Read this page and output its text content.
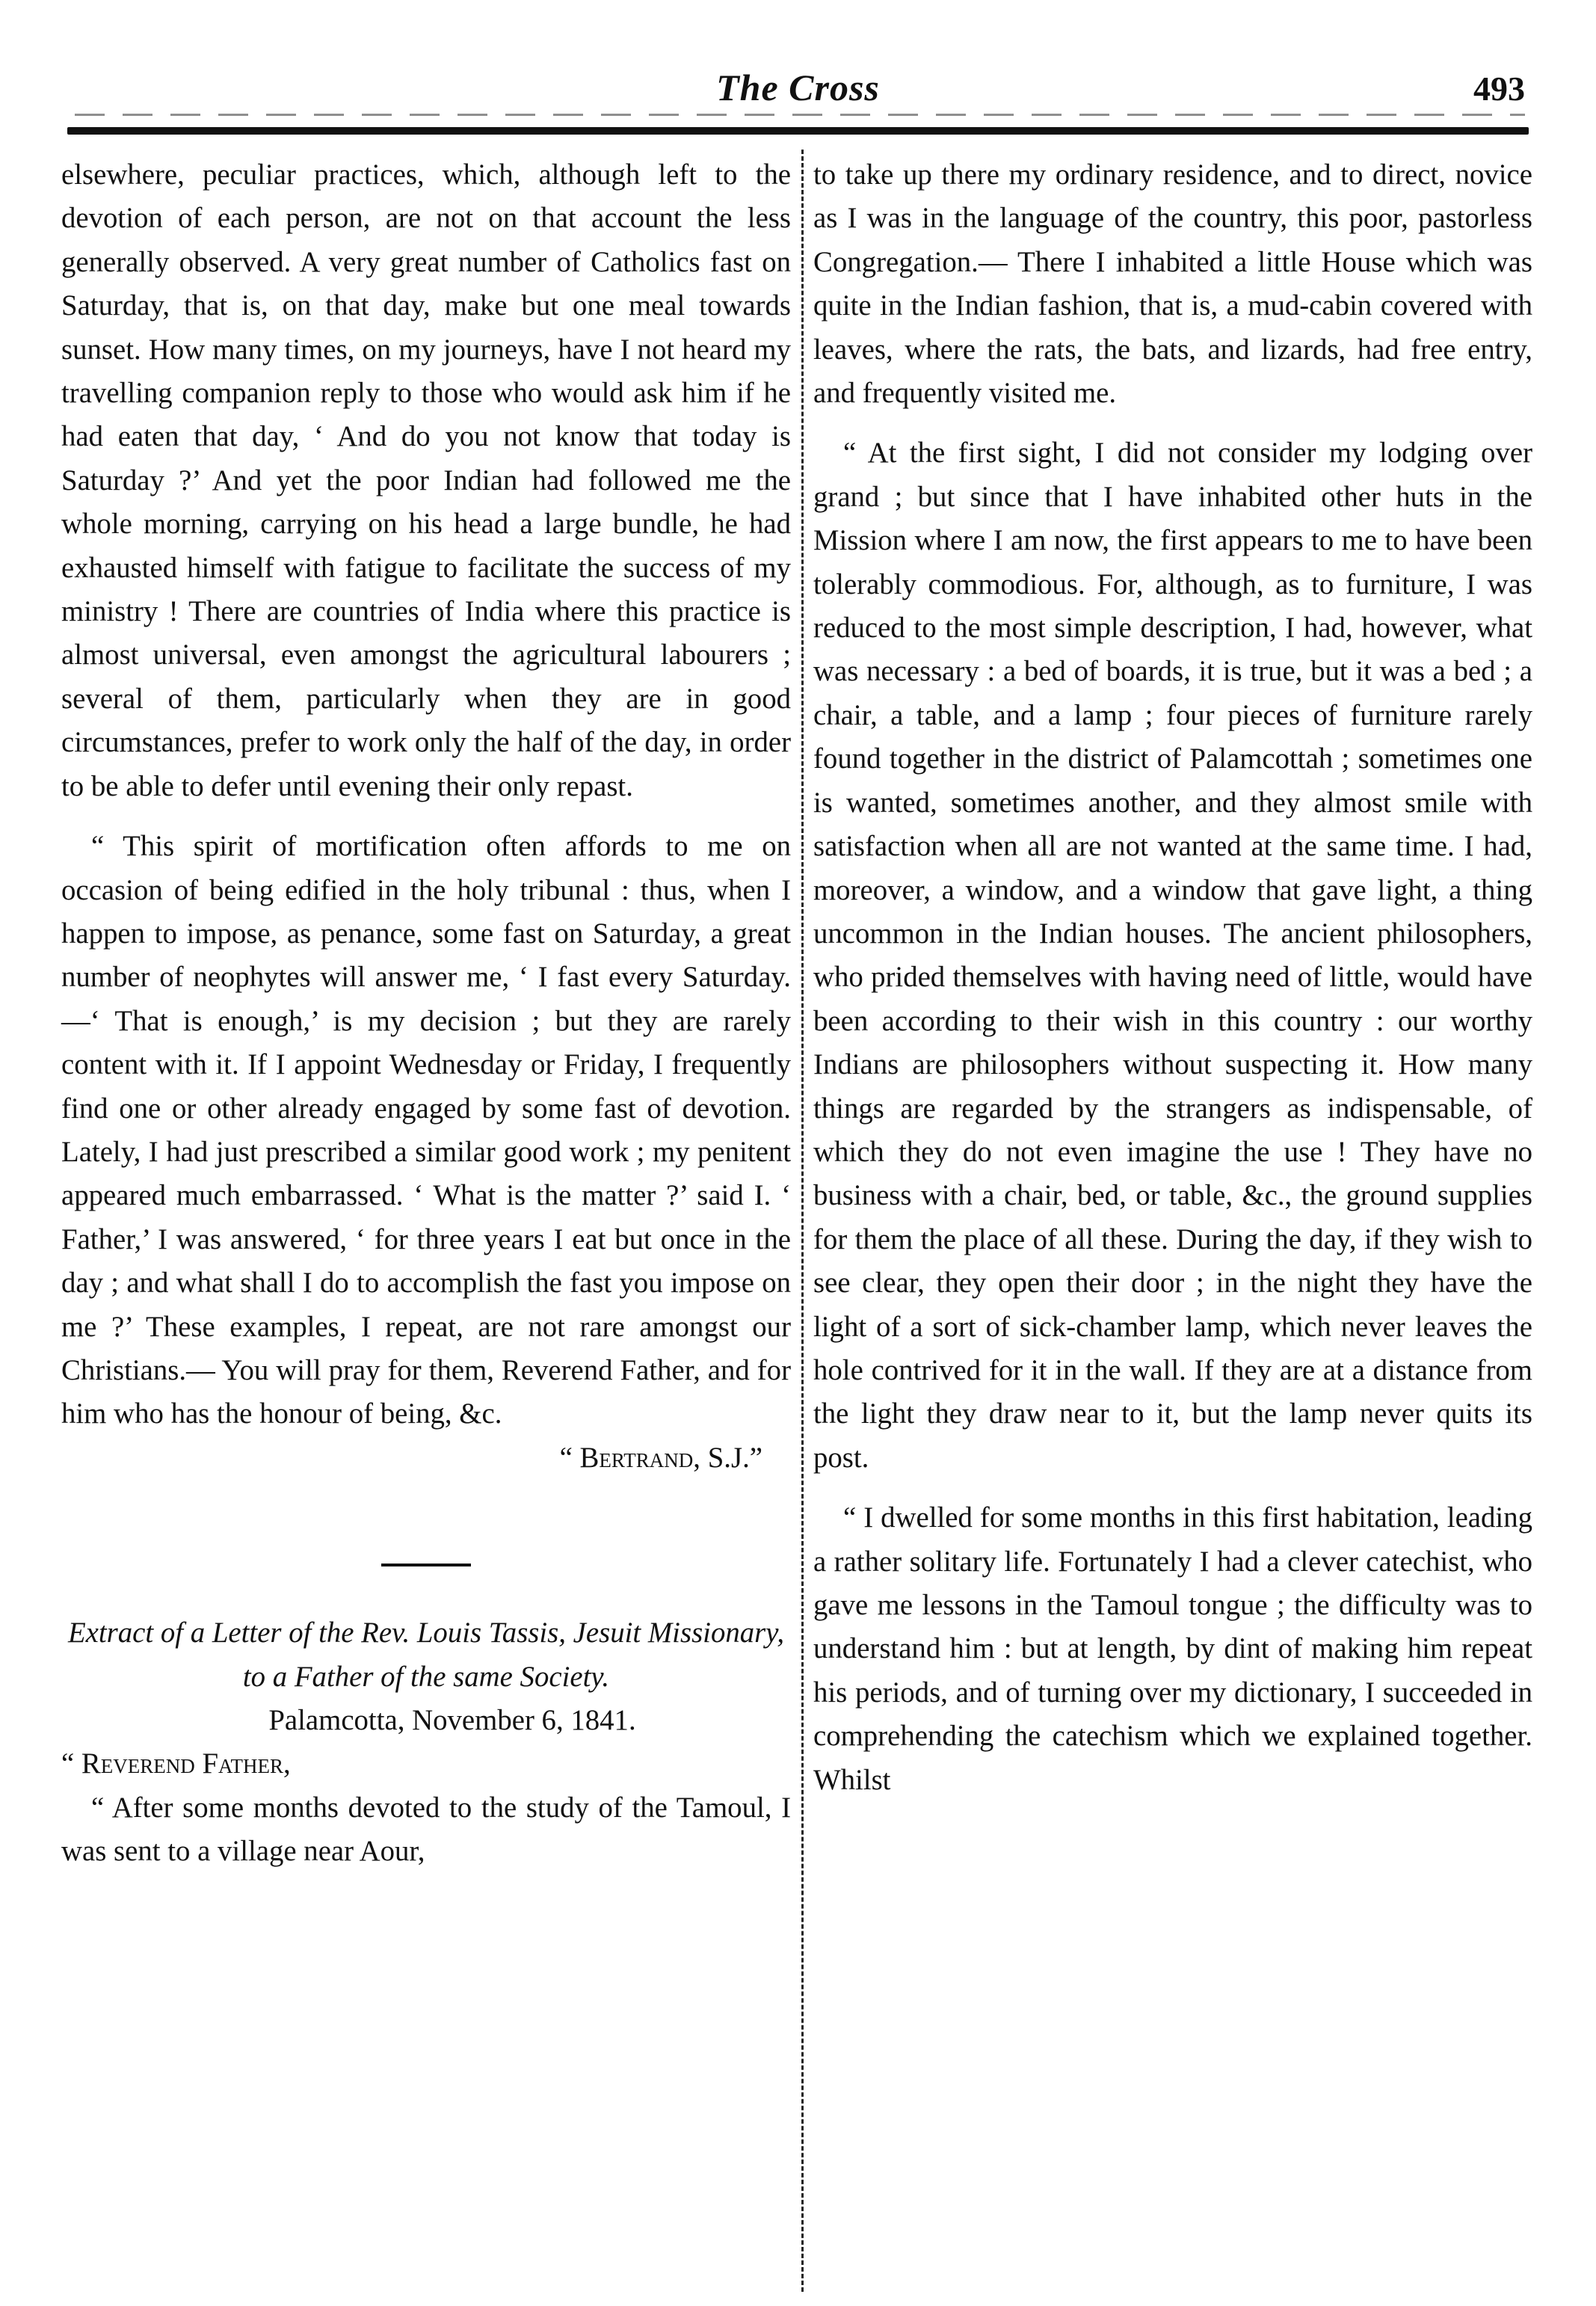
The Cross	493

elsewhere, peculiar practices, which, although left to the devotion of each person, are not on that account the less generally observed. A very great number of Catholics fast on Saturday, that is, on that day, make but one meal towards sunset. How many times, on my journeys, have I not heard my travelling companion reply to those who would ask him if he had eaten that day, ‘ And do you not know that today is Saturday ?’ And yet the poor Indian had followed me the whole morning, carrying on his head a large bundle, he had exhausted himself with fatigue to facilitate the success of my ministry ! There are countries of India where this practice is almost universal, even amongst the agricultural labourers ; several of them, particularly when they are in good circumstances, prefer to work only the half of the day, in order to be able to defer until evening their only repast.

“ This spirit of mortification often affords to me on occasion of being edified in the holy tribunal : thus, when I happen to impose, as penance, some fast on Saturday, a great number of neophytes will answer me, ‘ I fast every Saturday.—‘ That is enough,’ is my decision ; but they are rarely content with it. If I appoint Wednesday or Friday, I frequently find one or other already engaged by some fast of devotion. Lately, I had just prescribed a similar good work ; my penitent appeared much embarrassed. ‘ What is the matter ?’ said I. ‘ Father,’ I was answered, ‘ for three years I eat but once in the day ; and what shall I do to accomplish the fast you impose on me ?’ These examples, I repeat, are not rare amongst our Christians.— You will pray for them, Reverend Father, and for him who has the honour of being, &c.

“ Bertrand, S.J.”

Extract of a Letter of the Rev. Louis Tassis, Jesuit Missionary, to a Father of the same Society.

Palamcotta, November 6, 1841.

“ Reverend Father,

“ After some months devoted to the study of the Tamoul, I was sent to a village near Aour,

to take up there my ordinary residence, and to direct, novice as I was in the language of the country, this poor, pastorless Congregation.— There I inhabited a little House which was quite in the Indian fashion, that is, a mud-cabin covered with leaves, where the rats, the bats, and lizards, had free entry, and frequently visited me.

“ At the first sight, I did not consider my lodging over grand ; but since that I have inhabited other huts in the Mission where I am now, the first appears to me to have been tolerably commodious. For, although, as to furniture, I was reduced to the most simple description, I had, however, what was necessary : a bed of boards, it is true, but it was a bed ; a chair, a table, and a lamp ; four pieces of furniture rarely found together in the district of Palamcottah ; sometimes one is wanted, sometimes another, and they almost smile with satisfaction when all are not wanted at the same time. I had, moreover, a window, and a window that gave light, a thing uncommon in the Indian houses. The ancient philosophers, who prided themselves with having need of little, would have been according to their wish in this country : our worthy Indians are philosophers without suspecting it. How many things are regarded by the strangers as indispensable, of which they do not even imagine the use ! They have no business with a chair, bed, or table, &c., the ground supplies for them the place of all these. During the day, if they wish to see clear, they open their door ; in the night they have the light of a sort of sick-chamber lamp, which never leaves the hole contrived for it in the wall. If they are at a distance from the light they draw near to it, but the lamp never quits its post.

“ I dwelled for some months in this first habitation, leading a rather solitary life. Fortunately I had a clever catechist, who gave me lessons in the Tamoul tongue ; the difficulty was to understand him : but at length, by dint of making him repeat his periods, and of turning over my dictionary, I succeeded in comprehending the catechism which we explained together. Whilst
